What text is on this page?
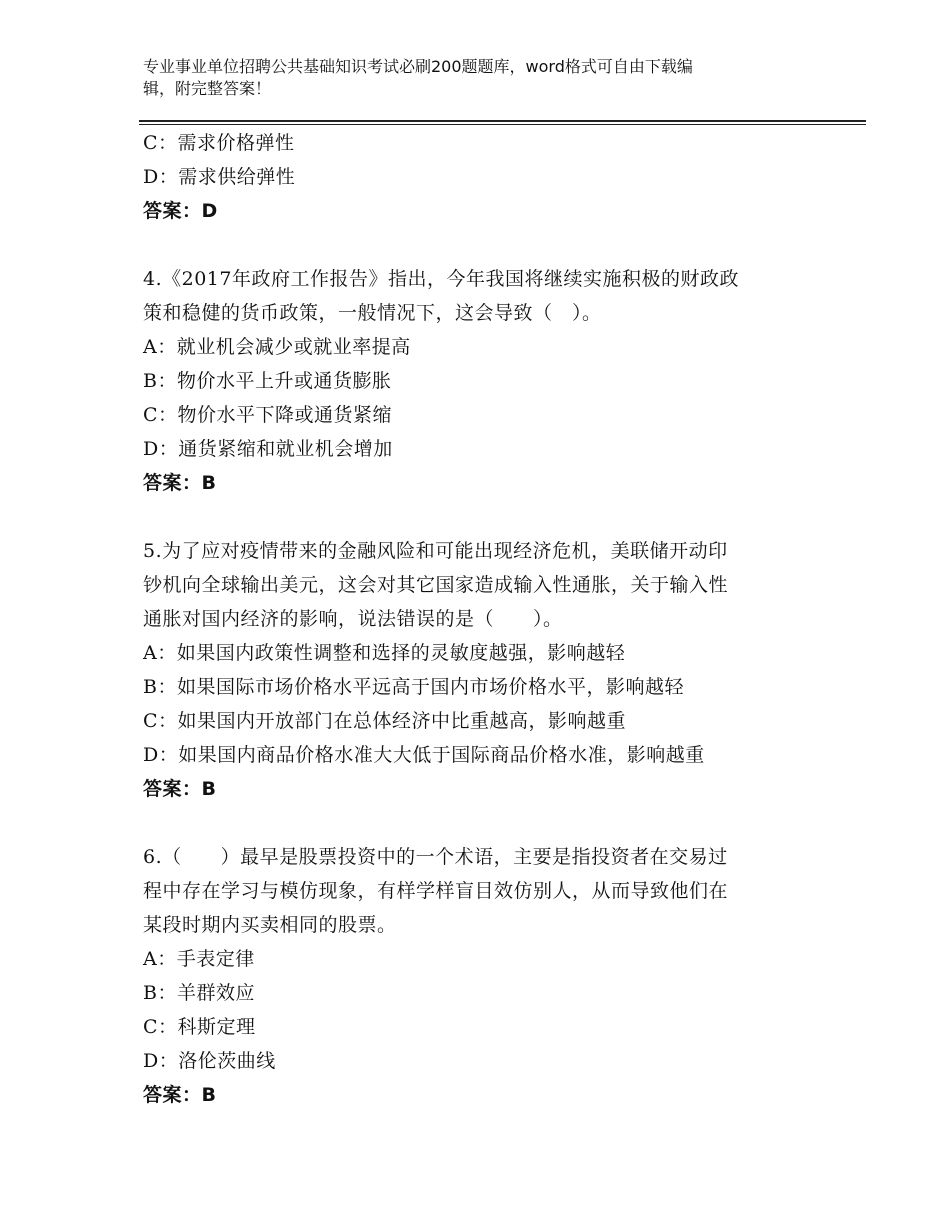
专业事业单位招聘公共基础知识考试必刷200题题库，word格式可自由下载编
辑，附完整答案！
C：需求价格弹性
D：需求供给弹性
答案：D
4.《2017年政府工作报告》指出，今年我国将继续实施积极的财政政
策和稳健的货币政策，一般情况下，这会导致（　）。
A：就业机会减少或就业率提高
B：物价水平上升或通货膨胀
C：物价水平下降或通货紧缩
D：通货紧缩和就业机会增加
答案：B
5.为了应对疫情带来的金融风险和可能出现经济危机，美联储开动印
钞机向全球输出美元，这会对其它国家造成输入性通胀，关于输入性
通胀对国内经济的影响，说法错误的是（　　）。
A：如果国内政策性调整和选择的灵敏度越强，影响越轻
B：如果国际市场价格水平远高于国内市场价格水平，影响越轻
C：如果国内开放部门在总体经济中比重越高，影响越重
D：如果国内商品价格水准大大低于国际商品价格水准，影响越重
答案：B
6.（　　）最早是股票投资中的一个术语，主要是指投资者在交易过
程中存在学习与模仿现象，有样学样盲目效仿别人，从而导致他们在
某段时期内买卖相同的股票。
A：手表定律
B：羊群效应
C：科斯定理
D：洛伦茨曲线
答案：B
